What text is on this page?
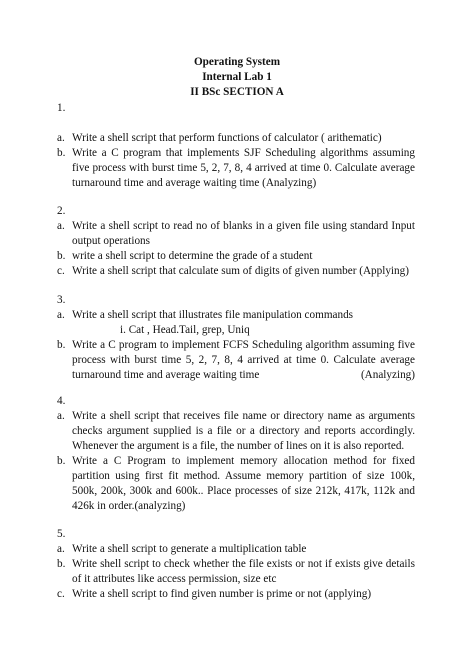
Operating System
Internal Lab 1
II BSc SECTION A
1.
a. Write a shell script that perform functions of calculator ( arithematic)
b. Write a C program that implements SJF Scheduling algorithms assuming five process with burst time 5, 2, 7, 8, 4 arrived at time 0. Calculate average turnaround time and average waiting time (Analyzing)
2.
a. Write a shell script to read no of blanks in a given file using standard Input output operations
b. write a shell script to determine the grade of a student
c. Write a shell script that calculate sum of digits of given number (Applying)
3.
a. Write a shell script that illustrates file manipulation commands
i. Cat , Head.Tail, grep, Uniq
b. Write a C program to implement FCFS Scheduling algorithm assuming five process with burst time 5, 2, 7, 8, 4 arrived at time 0. Calculate average turnaround time and average waiting time	(Analyzing)
4.
a. Write a shell script that receives file name or directory name as arguments checks argument supplied is a file or a directory and reports accordingly. Whenever the argument is a file, the number of lines on it is also reported.
b. Write a C Program to implement memory allocation method for fixed partition using first fit method. Assume memory partition of size 100k, 500k, 200k, 300k and 600k.. Place processes of size 212k, 417k, 112k and 426k in order.(analyzing)
5.
a. Write a shell script to generate a multiplication table
b. Write shell script to check whether the file exists or not if exists give details of it attributes like access permission, size etc
c. Write a shell script to find given number is prime or not (applying)
